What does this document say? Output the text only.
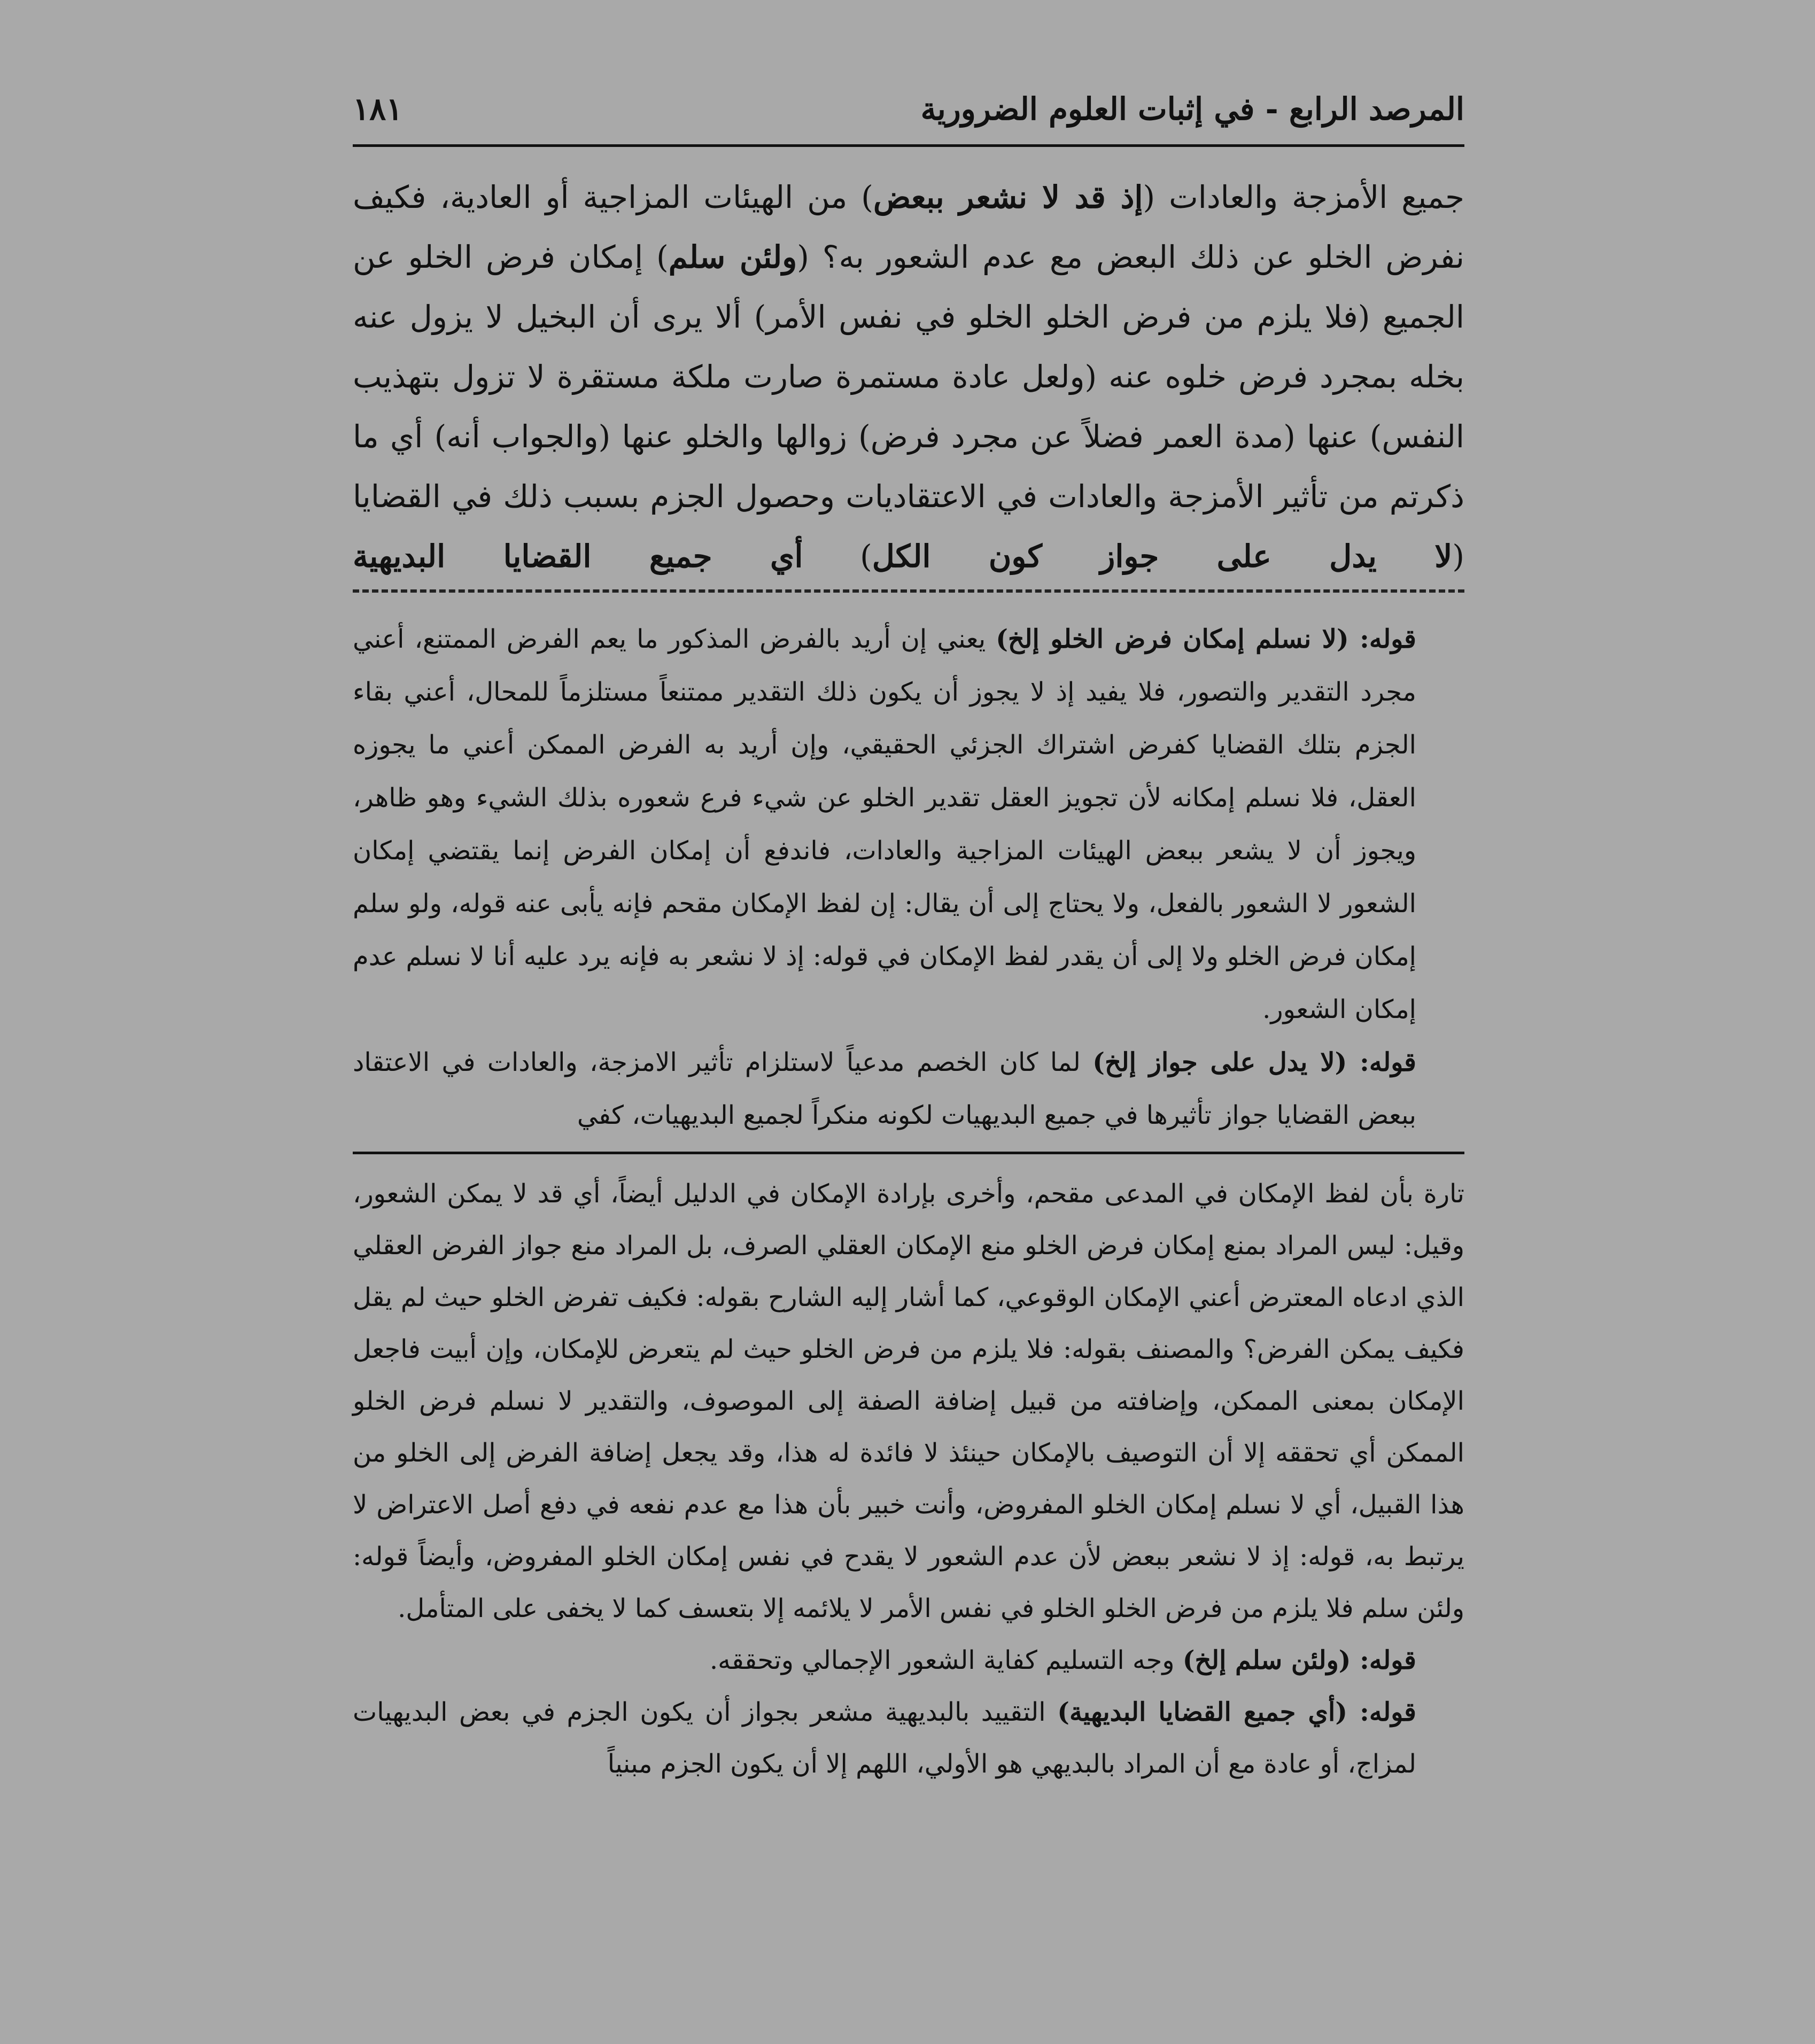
المرصد الرابع - في إثبات العلوم الضرورية
١٨١

جميع الأمزجة والعادات (إذ قد لا نشعر ببعض) من الهيئات المزاجية أو العادية، فكيف نفرض الخلو عن ذلك البعض مع عدم الشعور به؟ (ولئن سلم) إمكان فرض الخلو عن الجميع (فلا يلزم من فرض الخلو الخلو في نفس الأمر) ألا يرى أن البخيل لا يزول عنه بخله بمجرد فرض خلوه عنه (ولعل عادة مستمرة صارت ملكة مستقرة لا تزول بتهذيب النفس) عنها (مدة العمر فضلاً عن مجرد فرض) زوالها والخلو عنها (والجواب أنه) أي ما ذكرتم من تأثير الأمزجة والعادات في الاعتقاديات وحصول الجزم بسبب ذلك في القضايا (لا يدل على جواز كون الكل) أي جميع القضايا البديهية

قوله: (لا نسلم إمكان فرض الخلو إلخ) يعني إن أريد بالفرض المذكور ما يعم الفرض الممتنع، أعني مجرد التقدير والتصور، فلا يفيد إذ لا يجوز أن يكون ذلك التقدير ممتنعاً مستلزماً للمحال، أعني بقاء الجزم بتلك القضايا كفرض اشتراك الجزئي الحقيقي، وإن أريد به الفرض الممكن أعني ما يجوزه العقل، فلا نسلم إمكانه لأن تجويز العقل تقدير الخلو عن شيء فرع شعوره بذلك الشيء وهو ظاهر، ويجوز أن لا يشعر ببعض الهيئات المزاجية والعادات، فاندفع أن إمكان الفرض إنما يقتضي إمكان الشعور لا الشعور بالفعل، ولا يحتاج إلى أن يقال: إن لفظ الإمكان مقحم فإنه يأبى عنه قوله، ولو سلم إمكان فرض الخلو ولا إلى أن يقدر لفظ الإمكان في قوله: إذ لا نشعر به فإنه يرد عليه أنا لا نسلم عدم إمكان الشعور.

قوله: (لا يدل على جواز إلخ) لما كان الخصم مدعياً لاستلزام تأثير الامزجة، والعادات في الاعتقاد ببعض القضايا جواز تأثيرها في جميع البديهيات لكونه منكراً لجميع البديهيات، كفي

تارة بأن لفظ الإمكان في المدعى مقحم، وأخرى بإرادة الإمكان في الدليل أيضاً، أي قد لا يمكن الشعور، وقيل: ليس المراد بمنع إمكان فرض الخلو منع الإمكان العقلي الصرف، بل المراد منع جواز الفرض العقلي الذي ادعاه المعترض أعني الإمكان الوقوعي، كما أشار إليه الشارح بقوله: فكيف تفرض الخلو حيث لم يقل فكيف يمكن الفرض؟ والمصنف بقوله: فلا يلزم من فرض الخلو حيث لم يتعرض للإمكان، وإن أبيت فاجعل الإمكان بمعنى الممكن، وإضافته من قبيل إضافة الصفة إلى الموصوف، والتقدير لا نسلم فرض الخلو الممكن أي تحققه إلا أن التوصيف بالإمكان حينئذ لا فائدة له هذا، وقد يجعل إضافة الفرض إلى الخلو من هذا القبيل، أي لا نسلم إمكان الخلو المفروض، وأنت خبير بأن هذا مع عدم نفعه في دفع أصل الاعتراض لا يرتبط به، قوله: إذ لا نشعر ببعض لأن عدم الشعور لا يقدح في نفس إمكان الخلو المفروض، وأيضاً قوله: ولئن سلم فلا يلزم من فرض الخلو الخلو في نفس الأمر لا يلائمه إلا بتعسف كما لا يخفى على المتأمل.

قوله: (ولئن سلم إلخ) وجه التسليم كفاية الشعور الإجمالي وتحققه.

قوله: (أي جميع القضايا البديهية) التقييد بالبديهية مشعر بجواز أن يكون الجزم في بعض البديهيات لمزاج، أو عادة مع أن المراد بالبديهي هو الأولي، اللهم إلا أن يكون الجزم مبنياً
